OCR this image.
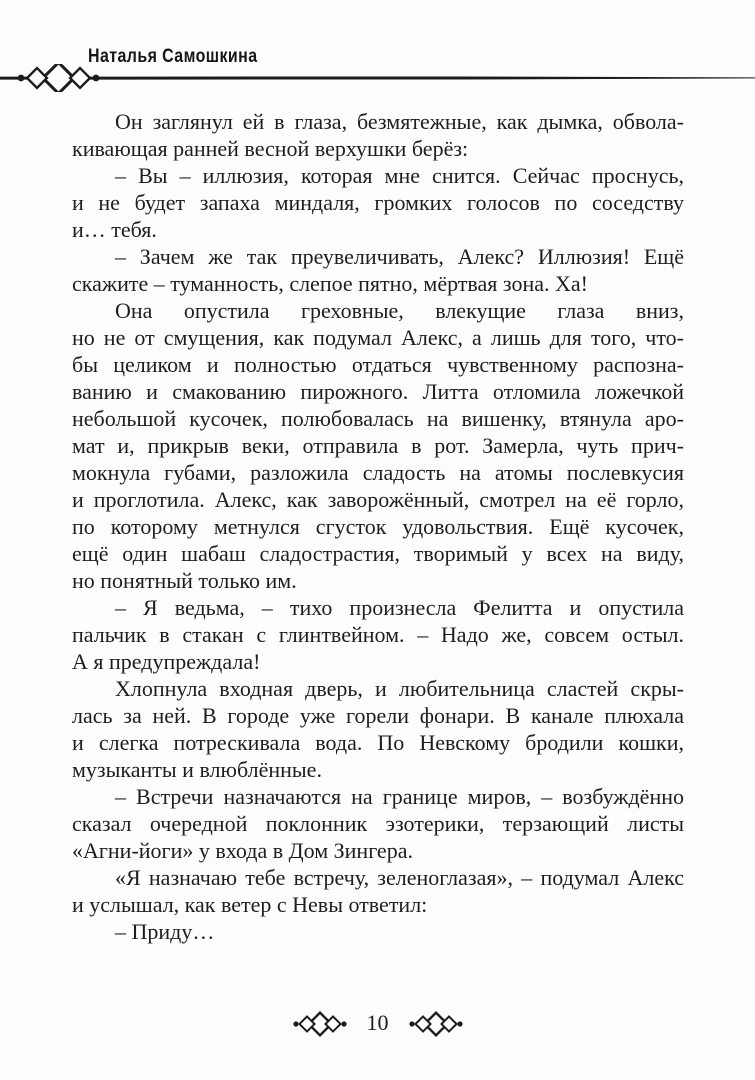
Наталья Самошкина
Он заглянул ей в глаза, безмятежные, как дымка, обвола-
кивающая ранней весной верхушки берёз:
– Вы – иллюзия, которая мне снится. Сейчас проснусь,
и не будет запаха миндаля, громких голосов по соседству
и… тебя.
– Зачем же так преувеличивать, Алекс? Иллюзия! Ещё
скажите – туманность, слепое пятно, мёртвая зона. Ха!
Она опустила греховные, влекущие глаза вниз,
но не от смущения, как подумал Алекс, а лишь для того, что-
бы целиком и полностью отдаться чувственному распозна-
ванию и смакованию пирожного. Литта отломила ложечкой
небольшой кусочек, полюбовалась на вишенку, втянула аро-
мат и, прикрыв веки, отправила в рот. Замерла, чуть прич-
мокнула губами, разложила сладость на атомы послевкусия
и проглотила. Алекс, как заворожённый, смотрел на её горло,
по которому метнулся сгусток удовольствия. Ещё кусочек,
ещё один шабаш сладострастия, творимый у всех на виду,
но понятный только им.
– Я ведьма, – тихо произнесла Фелитта и опустила
пальчик в стакан с глинтвейном. – Надо же, совсем остыл.
А я предупреждала!
Хлопнула входная дверь, и любительница сластей скры-
лась за ней. В городе уже горели фонари. В канале плюхала
и слегка потрескивала вода. По Невскому бродили кошки,
музыканты и влюблённые.
– Встречи назначаются на границе миров, – возбуждённо
сказал очередной поклонник эзотерики, терзающий листы
«Агни-йоги» у входа в Дом Зингера.
«Я назначаю тебе встречу, зеленоглазая», – подумал Алекс
и услышал, как ветер с Невы ответил:
– Приду…
10
